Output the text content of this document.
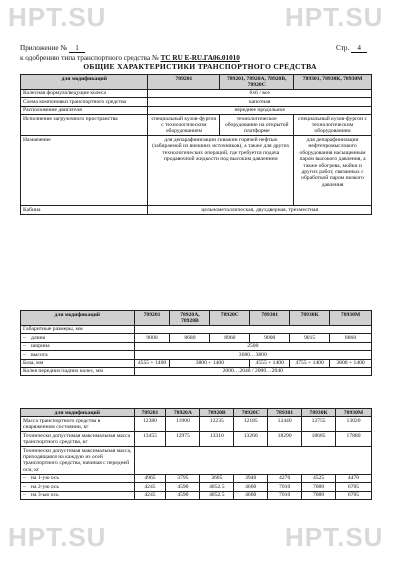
HPT.SU	HPT.SU
HPT.SU	HPT.SU
Приложение № 1	Стр. 4
к одобрению типа транспортного средства № TC RU E-RU.ГА06.01010
ОБЩИЕ ХАРАКТЕРИСТИКИ ТРАНСПОРТНОГО СРЕДСТВА
для модификаций	789201	789201, 78920А, 78920В, 78920С	789301, 78930К, 78930М
Колесная формула/ведущие колеса	6х6 / все		
Схема компоновки транспортного средства	капотная		
Расположение двигателя	переднее продольное		
Исполнение загрузочного пространства	специальный кузов-фургон с технологическим оборудованием	технологическое оборудование на открытой платформе	специальный кузов-фургон с технологическим оборудованием
Назначение	для депарафинизации скважин горячей нефтью (забираемой из внешних источников), а также для других технологических операций, где требуется подача продавочной жидкости под высоким давлением		для депарафинизации нефтепромыслового оборудования насыщенным паром высокого давления, а также обогрева, мойки и других работ, связанных с обработкой паром низкого давления
Кабина	цельнометаллическая, двухдверная, трехместная		
для модификаций	789201	78920А, 78920В	78920С	789301	78930К	78930М
Габаритные размеры, мм						
– длина	9000	8680	8960	9000	9015	8860
– ширина	2500					
– высота	3680…3800					
База, мм	4555 + 1400	3800 + 1400		4555 + 1400	4755 + 1400	3800 + 1400
Колея передних/задних колес, мм	2000…2040 / 2000…2040					
для модификаций	789201	78920А	78920В	78920С	789301	78930К	78930М
Масса транспортного средства в снаряженном состоянии, кг	12380	11900	12235	12185	12440	12755	13020
Технически допустимая максимальная масса транспортного средства, кг	13455	12975	13310	13260	18290	18685	17880
Технически допустимая максимальная масса, приходящаяся на каждую из осей транспортного средства, начиная с передней оси, кг							
– на 1-ую ось	4965	3795	3605	3940	4270	4525	4470
– на 2-ую ось	4245	4590	4852.5	4660	7010	7080	6705
– на 3-ью ось	4245	4590	4852.5	4660	7010	7080	6705
